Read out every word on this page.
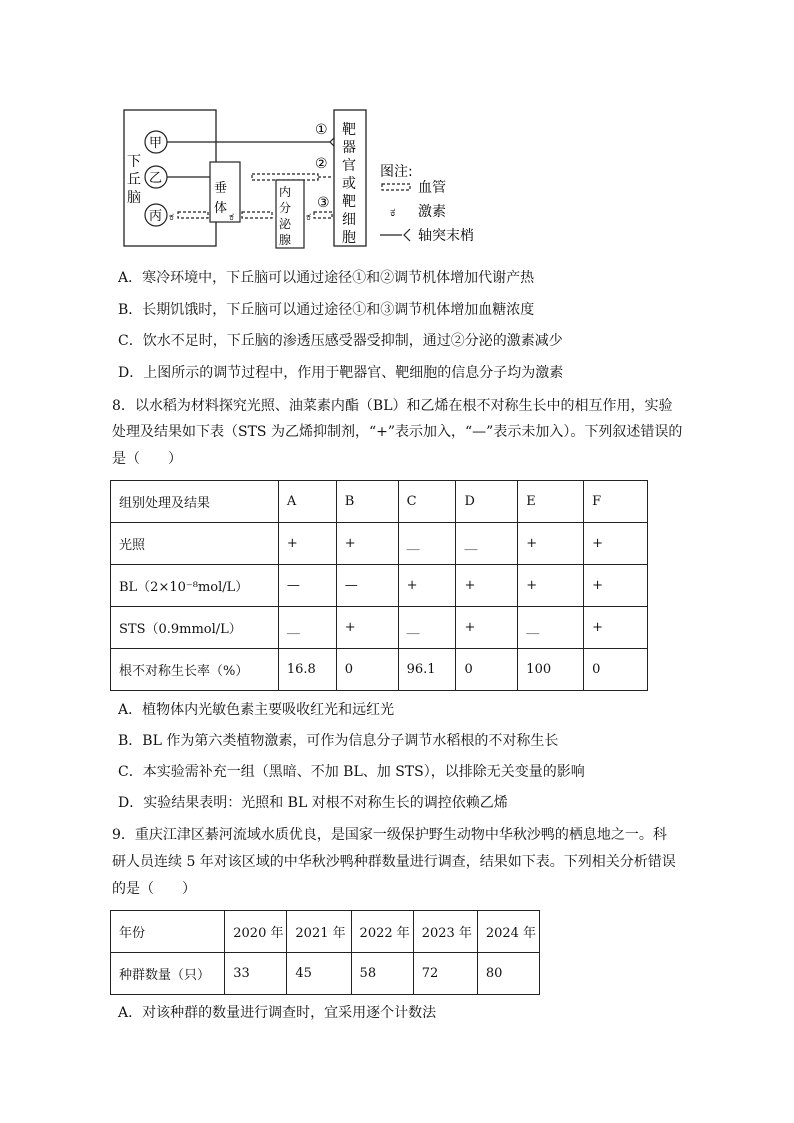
下
丘
脑
甲
乙
丙
①
②
垂
体
ಕ	ಕ
内
分
泌
腺
ಕ
③
靶
器
官
或
靶
细
胞
图注:
血管
ಕ 激素
轴突末梢
A．寒冷环境中，下丘脑可以通过途径①和②调节机体增加代谢产热
B．长期饥饿时，下丘脑可以通过途径①和③调节机体增加血糖浓度
C．饮水不足时，下丘脑的渗透压感受器受抑制，通过②分泌的激素减少
D．上图所示的调节过程中，作用于靶器官、靶细胞的信息分子均为激素
8．以水稻为材料探究光照、油菜素内酯（BL）和乙烯在根不对称生长中的相互作用，实验
处理及结果如下表（STS 为乙烯抑制剂，“+”表示加入，“—”表示未加入）。下列叙述错误的
是（　　）
组别处理及结果	A	B	C	D	E	F
光照	+	+	__	__	+	+
BL（2×10⁻⁸mol/L）	—	—	+	+	+	+
STS（0.9mmol/L）	__	+	__	+	__	+
根不对称生长率（%）	16.8	0	96.1	0	100	0
A．植物体内光敏色素主要吸收红光和远红光
B．BL 作为第六类植物激素，可作为信息分子调节水稻根的不对称生长
C．本实验需补充一组（黑暗、不加 BL、加 STS），以排除无关变量的影响
D．实验结果表明：光照和 BL 对根不对称生长的调控依赖乙烯
9．重庆江津区綦河流域水质优良，是国家一级保护野生动物中华秋沙鸭的栖息地之一。科
研人员连续 5 年对该区域的中华秋沙鸭种群数量进行调查，结果如下表。下列相关分析错误
的是（　　）
年份	2020 年	2021 年	2022 年	2023 年	2024 年
种群数量（只）	33	45	58	72	80
A．对该种群的数量进行调查时，宜采用逐个计数法
